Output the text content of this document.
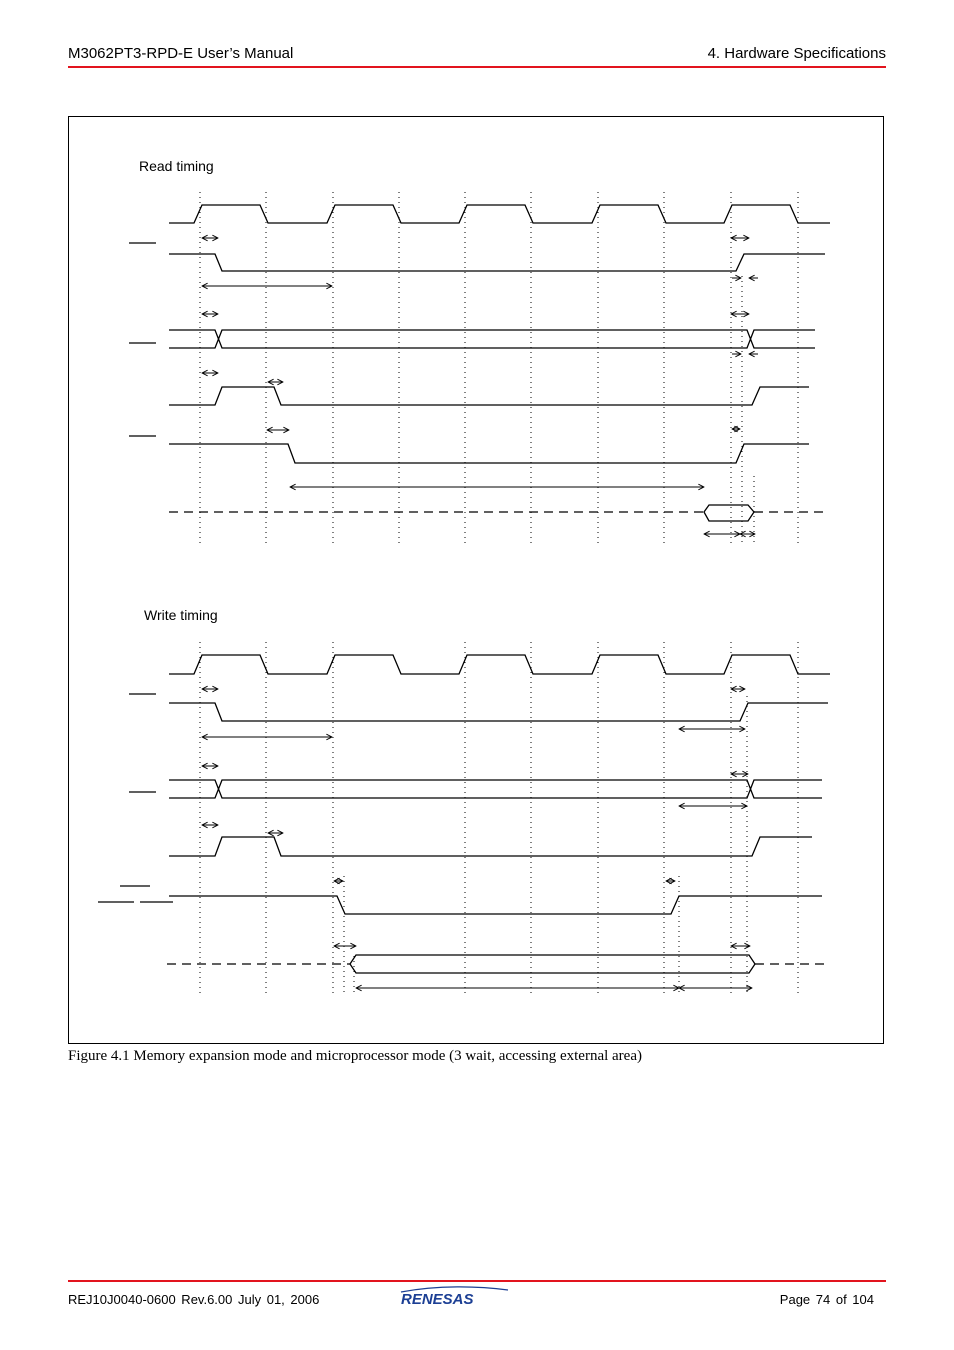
M3062PT3-RPD-E User’s Manual	4. Hardware Specifications
Read timing
Write timing
Figure 4.1 Memory expansion mode and microprocessor mode (3 wait, accessing external area)
REJ10J0040-0600 Rev.6.00 July 01, 2006	RENESAS	Page 74 of 104
